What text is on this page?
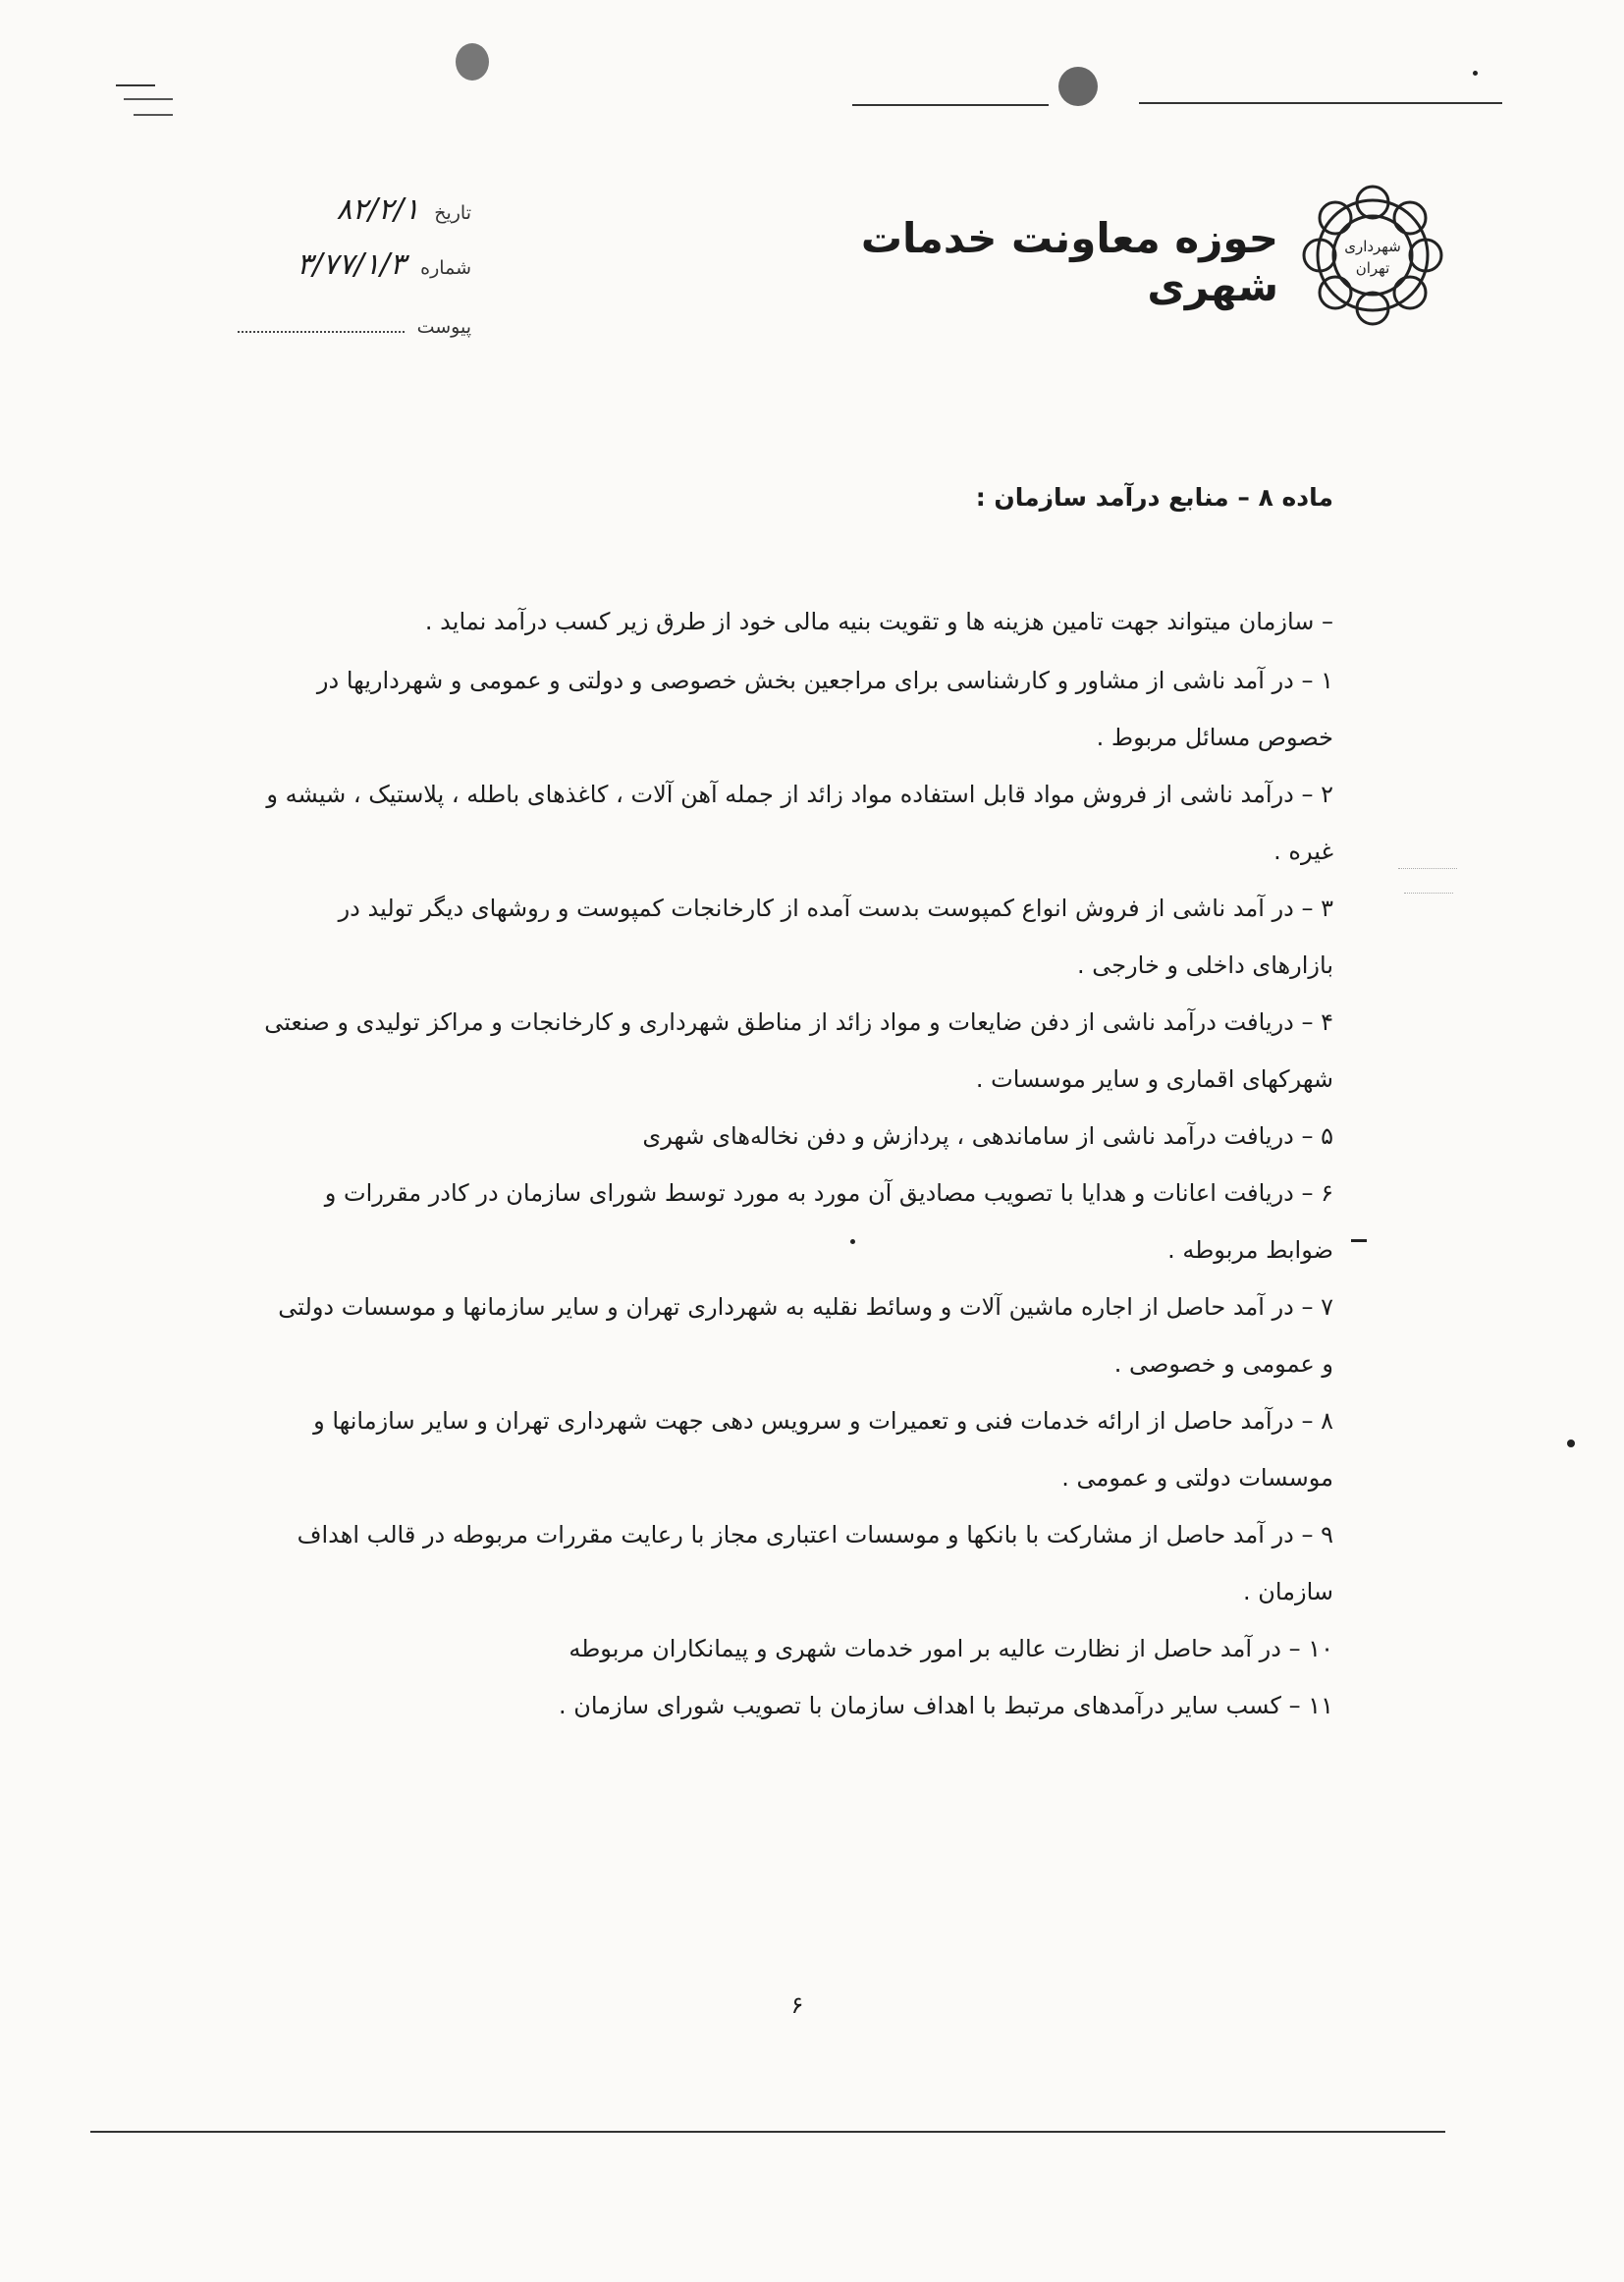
حوزه معاونت خدمات شهری
شهرداری
تهران
تاریخ ۸۲/۲/۱
شماره ۳/۷۷/۱/۳
پیوست
ماده ۸ – منابع درآمد سازمان :
– سازمان میتواند جهت تامین هزینه ها و تقویت بنیه مالی خود از طرق زیر کسب درآمد نماید .

۱ – در آمد ناشی از مشاور و کارشناسی برای مراجعین بخش خصوصی و دولتی و عمومی و شهرداریها در خصوص مسائل مربوط .

۲ – درآمد ناشی از فروش مواد قابل استفاده مواد زائد از جمله آهن آلات ، کاغذهای باطله ، پلاستیک ، شیشه و غیره .

۳ – در آمد ناشی از فروش انواع کمپوست بدست آمده از کارخانجات کمپوست و روشهای دیگر تولید در بازارهای داخلی و خارجی .

۴ – دریافت درآمد ناشی از دفن ضایعات و مواد زائد از مناطق شهرداری و کارخانجات و مراکز تولیدی و صنعتی شهرکهای اقماری و سایر موسسات .

۵ – دریافت درآمد ناشی از ساماندهی ، پردازش و دفن نخاله‌های شهری

۶ – دریافت اعانات و هدایا با تصویب مصادیق آن مورد به مورد توسط شورای سازمان در کادر مقررات و ضوابط مربوطه .

۷ – در آمد حاصل از اجاره ماشین آلات و وسائط نقلیه به شهرداری تهران و سایر سازمانها و موسسات دولتی و عمومی و خصوصی .

۸ – درآمد حاصل از ارائه خدمات فنی و تعمیرات و سرویس دهی جهت شهرداری تهران و سایر سازمانها و موسسات دولتی و عمومی .

۹ – در آمد حاصل از مشارکت با بانکها و موسسات اعتباری مجاز با رعایت مقررات مربوطه در قالب اهداف سازمان .

۱۰ – در آمد حاصل از نظارت عالیه بر امور خدمات شهری و پیمانکاران مربوطه

۱۱ – کسب سایر درآمدهای مرتبط با اهداف سازمان با تصویب شورای سازمان .

۶
